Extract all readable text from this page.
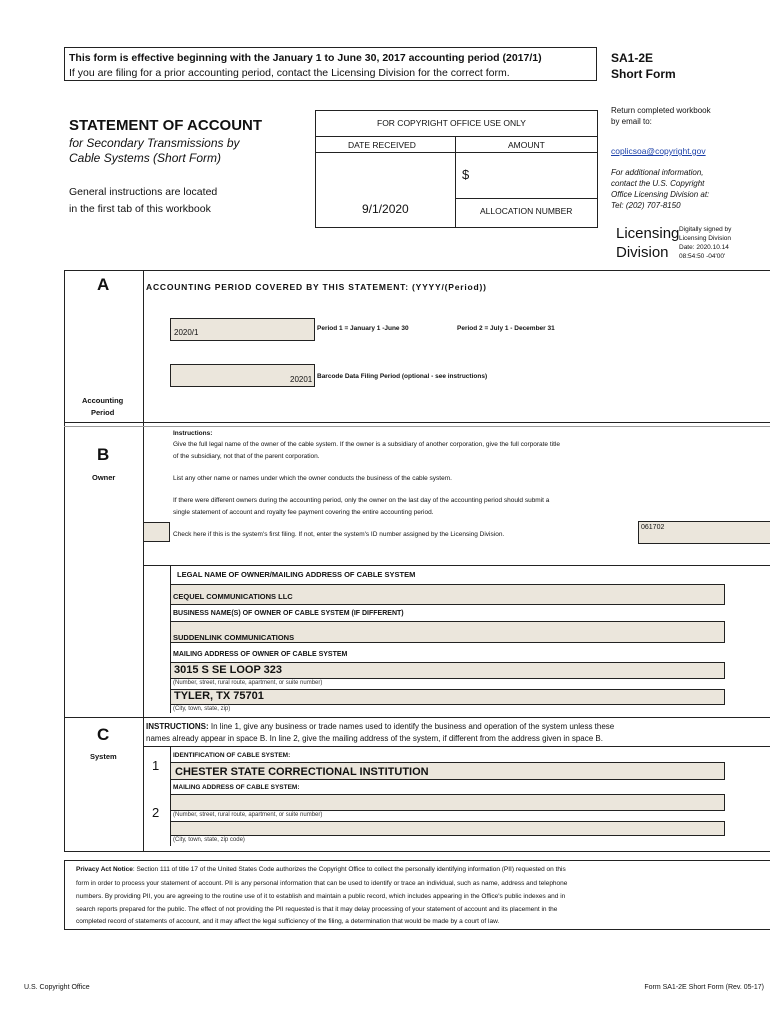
This form is effective beginning with the January 1 to June 30, 2017 accounting period (2017/1)
If you are filing for a prior accounting period, contact the Licensing Division for the correct form.
SA1-2E
Short Form
STATEMENT OF ACCOUNT
for Secondary Transmissions by
Cable Systems (Short Form)
General instructions are located
in the first tab of this workbook
FOR COPYRIGHT OFFICE USE ONLY
DATE RECEIVED	AMOUNT
$
9/1/2020	ALLOCATION NUMBER
Return completed workbook
by email to:
coplicsoa@copyright.gov
For additional information,
contact the U.S. Copyright
Office Licensing Division at:
Tel: (202) 707-8150
Licensing
Division
Digitally signed by
Licensing Division
Date: 2020.10.14
08:54:50 -04'00'
A
Accounting
Period
ACCOUNTING PERIOD COVERED BY THIS STATEMENT: (YYYY/(Period))
2020/1	Period 1 = January 1 -June 30	Period 2 = July 1 - December 31
20201 Barcode Data Filing Period (optional - see instructions)
B
Owner
Instructions:
Give the full legal name of the owner of the cable system. If the owner is a subsidiary of another corporation, give the full corporate title
of the subsidiary, not that of the parent corporation.
List any other name or names under which the owner conducts the business of the cable system.
If there were different owners during the accounting period, only the owner on the last day of the accounting period should submit a
single statement of account and royalty fee payment covering the entire accounting period.
Check here if this is the system's first filing. If not, enter the system's ID number assigned by the Licensing Division.
061702
LEGAL NAME OF OWNER/MAILING ADDRESS OF CABLE SYSTEM
CEQUEL COMMUNICATIONS LLC
BUSINESS NAME(S) OF OWNER OF CABLE SYSTEM (IF DIFFERENT)
SUDDENLINK COMMUNICATIONS
MAILING ADDRESS OF OWNER OF CABLE SYSTEM
3015 S SE LOOP 323
(Number, street, rural route, apartment, or suite number)
TYLER, TX 75701
(City, town, state, zip)
C
System
INSTRUCTIONS: In line 1, give any business or trade names used to identify the business and operation of the system unless these
names already appear in space B. In line 2, give the mailing address of the system, if different from the address given in space B.
1
IDENTIFICATION OF CABLE SYSTEM:
CHESTER STATE CORRECTIONAL INSTITUTION
MAILING ADDRESS OF CABLE SYSTEM:
2 (Number, street, rural route, apartment, or suite number)
(City, town, state, zip code)
Privacy Act Notice: Section 111 of title 17 of the United States Code authorizes the Copyright Office to collect the personally identifying information (PII) requested on this
form in order to process your statement of account. PII is any personal information that can be used to identify or trace an individual, such as name, address and telephone
numbers. By providing PII, you are agreeing to the routine use of it to establish and maintain a public record, which includes appearing in the Office's public indexes and in
search reports prepared for the public. The effect of not providing the PII requested is that it may delay processing of your statement of account and its placement in the
completed record of statements of account, and it may affect the legal sufficiency of the filing, a determination that would be made by a court of law.
U.S. Copyright Office	Form SA1-2E Short Form (Rev. 05-17)
